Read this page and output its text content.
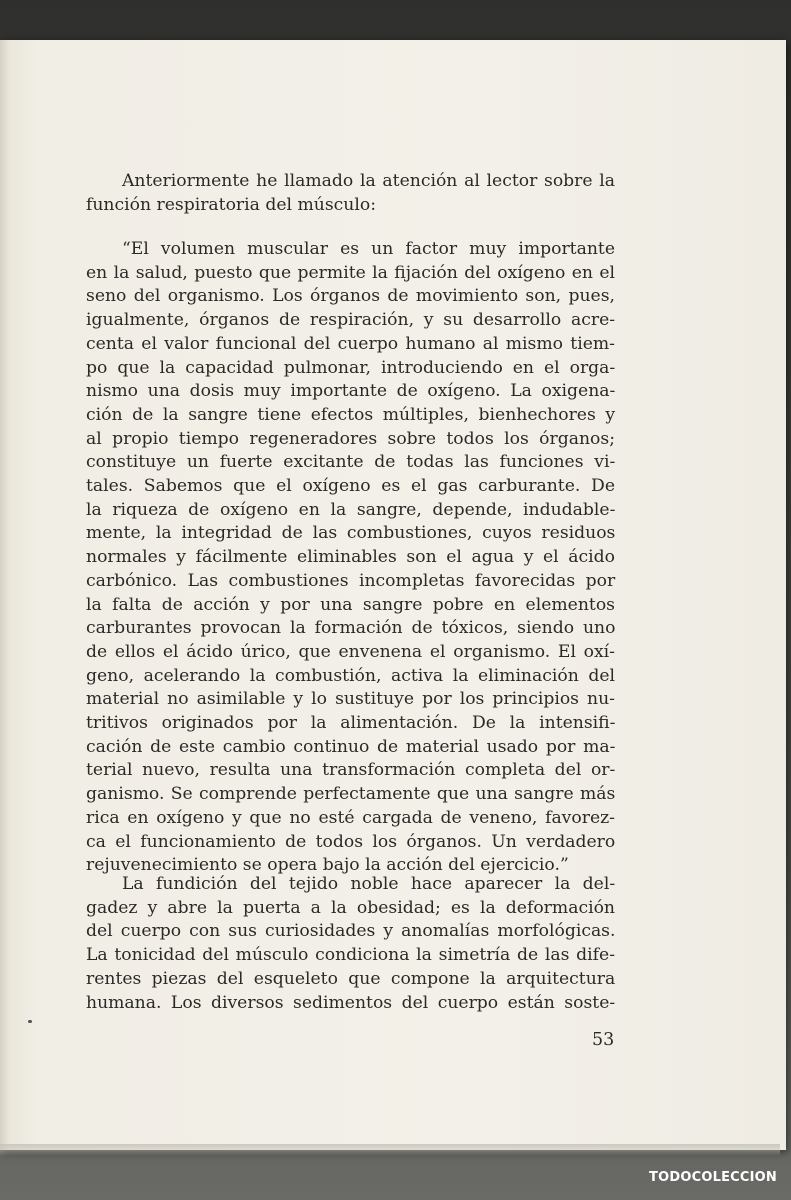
Anteriormente he llamado la atención al lector sobre la
función respiratoria del músculo:
“El volumen muscular es un factor muy importante
en la salud, puesto que permite la fijación del oxígeno en el
seno del organismo. Los órganos de movimiento son, pues,
igualmente, órganos de respiración, y su desarrollo acre-
centa el valor funcional del cuerpo humano al mismo tiem-
po que la capacidad pulmonar, introduciendo en el orga-
nismo una dosis muy importante de oxígeno. La oxigena-
ción de la sangre tiene efectos múltiples, bienhechores y
al propio tiempo regeneradores sobre todos los órganos;
constituye un fuerte excitante de todas las funciones vi-
tales. Sabemos que el oxígeno es el gas carburante. De
la riqueza de oxígeno en la sangre, depende, indudable-
mente, la integridad de las combustiones, cuyos residuos
normales y fácilmente eliminables son el agua y el ácido
carbónico. Las combustiones incompletas favorecidas por
la falta de acción y por una sangre pobre en elementos
carburantes provocan la formación de tóxicos, siendo uno
de ellos el ácido úrico, que envenena el organismo. El oxí-
geno, acelerando la combustión, activa la eliminación del
material no asimilable y lo sustituye por los principios nu-
tritivos originados por la alimentación. De la intensifi-
cación de este cambio continuo de material usado por ma-
terial nuevo, resulta una transformación completa del or-
ganismo. Se comprende perfectamente que una sangre más
rica en oxígeno y que no esté cargada de veneno, favorez-
ca el funcionamiento de todos los órganos. Un verdadero
rejuvenecimiento se opera bajo la acción del ejercicio.”
La fundición del tejido noble hace aparecer la del-
gadez y abre la puerta a la obesidad; es la deformación
del cuerpo con sus curiosidades y anomalías morfológicas.
La tonicidad del músculo condiciona la simetría de las dife-
rentes piezas del esqueleto que compone la arquitectura
humana. Los diversos sedimentos del cuerpo están soste-
53
TODOCOLECCION
